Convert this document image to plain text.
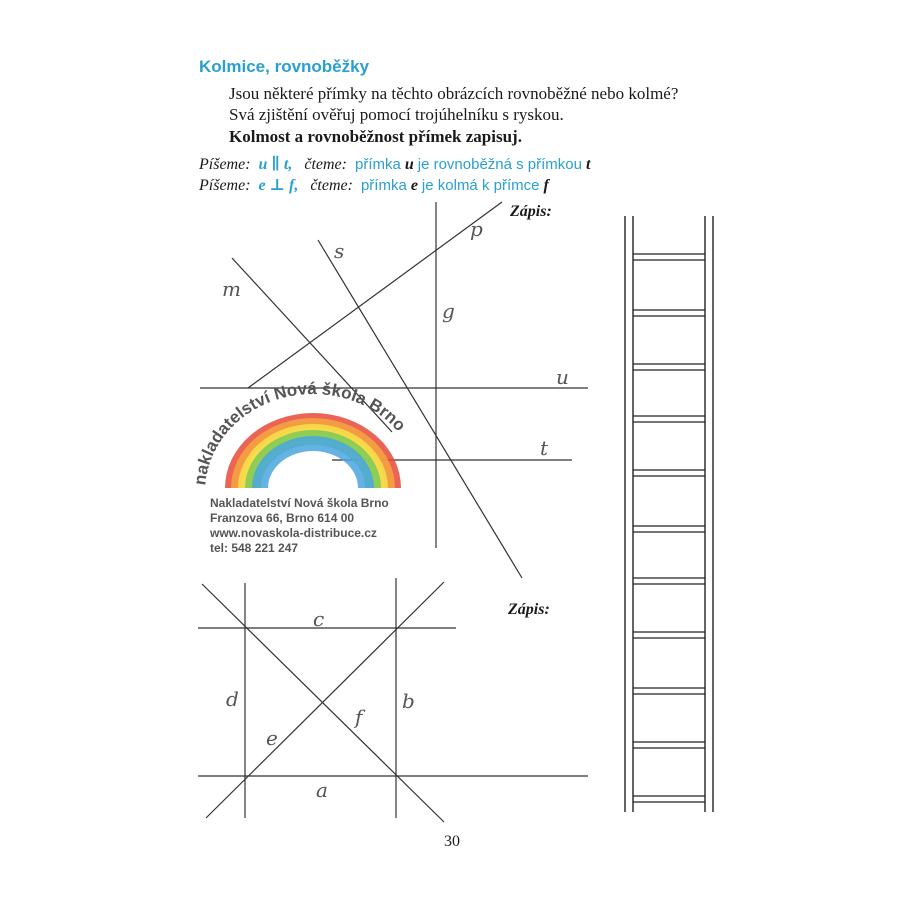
Kolmice, rovnoběžky
Jsou některé přímky na těchto obrázcích rovnoběžné nebo kolmé?
Svá zjištění ověřuj pomocí trojúhelníku s ryskou.
Kolmost a rovnoběžnost přímek zapisuj.
Píšeme: u ∥ t, čteme: přímka u je rovnoběžná s přímkou t
Píšeme: e ⊥ f, čteme: přímka e je kolmá k přímce f
nakladatelství Nová škola Brno
m
s
p
g
u
t
c
d
e
f
b
a
Zápis:
Zápis:
Nakladatelství Nová škola Brno
Franzova 66, Brno 614 00
www.novaskola-distribuce.cz
tel: 548 221 247
30
